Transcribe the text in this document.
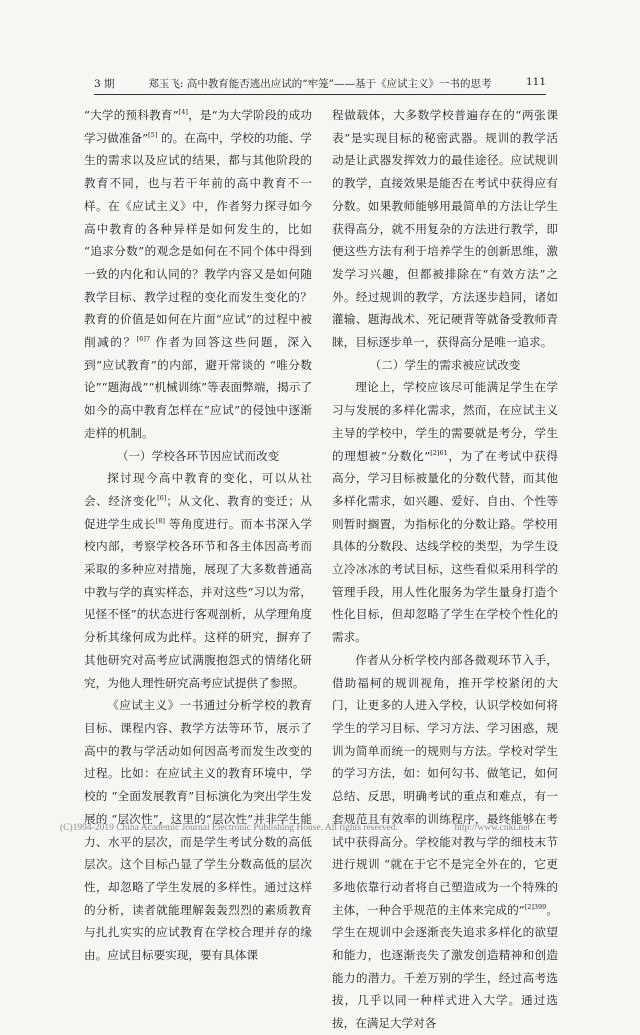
3 期	郑玉飞: 高中教育能否逃出应试的“牢笼”——基于《应试主义》一书的思考	111

“大学的预科教育”[4]，是“为大学阶段的成功学习做准备”[5] 的。在高中，学校的功能、学生的需求以及应试的结果，都与其他阶段的教育不同，也与若干年前的高中教育不一样。在《应试主义》中，作者努力探寻如今高中教育的各种异样是如何发生的，比如 “追求分数”的观念是如何在不同个体中得到一致的内化和认同的？教学内容又是如何随教学目标、教学过程的变化而发生变化的？教育的价值是如何在片面“应试”的过程中被削减的？$^{[6]7}$ 作者为回答这些问题，深入到“应试教育”的内部，避开常谈的 “唯分数论”“题海战”“机械训练”等表面弊端，揭示了如今的高中教育怎样在“应试”的侵蚀中逐渐走样的机制。

（一）学校各环节因应试而改变

探讨现今高中教育的变化，可以从社会、经济变化[6]；从文化、教育的变迁；从促进学生成长[8] 等角度进行。而本书深入学校内部，考察学校各环节和各主体因高考而采取的多种应对措施，展现了大多数普通高中教与学的真实样态，并对这些“习以为常，见怪不怪”的状态进行客观剖析，从学理角度分析其缘何成为此样。这样的研究，摒弃了其他研究对高考应试满腹抱怨式的情绪化研究，为他人理性研究高考应试提供了参照。

《应试主义》一书通过分析学校的教育目标、课程内容、教学方法等环节，展示了高中的教与学活动如何因高考而发生改变的过程。比如：在应试主义的教育环境中，学校的 “全面发展教育”目标演化为突出学生发展的 “层次性”，这里的“层次性”并非学生能力、水平的层次，而是学生考试分数的高低层次。这个目标凸显了学生分数高低的层次性，却忽略了学生发展的多样性。通过这样的分析，读者就能理解轰轰烈烈的素质教育与扎扎实实的应试教育在学校合理并存的缘由。应试目标要实现，要有具体课

程做载体，大多数学校普遍存在的“两张课表”是实现目标的秘密武器。规训的教学活动是让武器发挥效力的最佳途径。应试规训的教学，直接效果是能否在考试中获得应有分数。如果教师能够用最简单的方法让学生获得高分，就不用复杂的方法进行教学，即便这些方法有利于培养学生的创新思维，激发学习兴趣，但都被排除在“有效方法”之外。经过规训的教学，方法逐步趋同，诸如灌输、题海战术、死记硬背等就备受教师青睐，目标逐步单一，获得高分是唯一追求。

（二）学生的需求被应试改变

理论上，学校应该尽可能满足学生在学习与发展的多样化需求，然而，在应试主义主导的学校中，学生的需要就是考分，学生的理想被“分数化”$^{[2]61}$，为了在考试中获得高分，学习目标被量化的分数代替，而其他多样化需求，如兴趣、爱好、自由、个性等则暂时搁置，为指标化的分数让路。学校用具体的分数段、达线学校的类型，为学生设立冷冰冰的考试目标，这些看似采用科学的管理手段，用人性化服务为学生量身打造个性化目标，但却忽略了学生在学校个性化的需求。

作者从分析学校内部各微观环节入手，借助福柯的规训视角，推开学校紧闭的大门，让更多的人进入学校，认识学校如何将学生的学习目标、学习方法、学习困惑，规训为简单而统一的规则与方法。学校对学生的学习方法，如：如何勾书、做笔记，如何总结、反思，明确考试的重点和难点，有一套规范且有效率的训练程序，最终能够在考试中获得高分。学校能对教与学的细枝末节进行规训 “就在于它不是完全外在的，它更多地依靠行动者将自己塑造成为一个特殊的主体，一种合乎规范的主体来完成的”$^{[2]399}$。学生在规训中会逐渐丧失追求多样化的欲望和能力，也逐渐丧失了激发创造精神和创造能力的潜力。千差万别的学生，经过高考选拔，几乎以同一种样式进入大学。通过选拔，在满足大学对各

(C)1994-2019 China Academic Journal Electronic Publishing House. All rights reserved.	http://www.cnki.net
